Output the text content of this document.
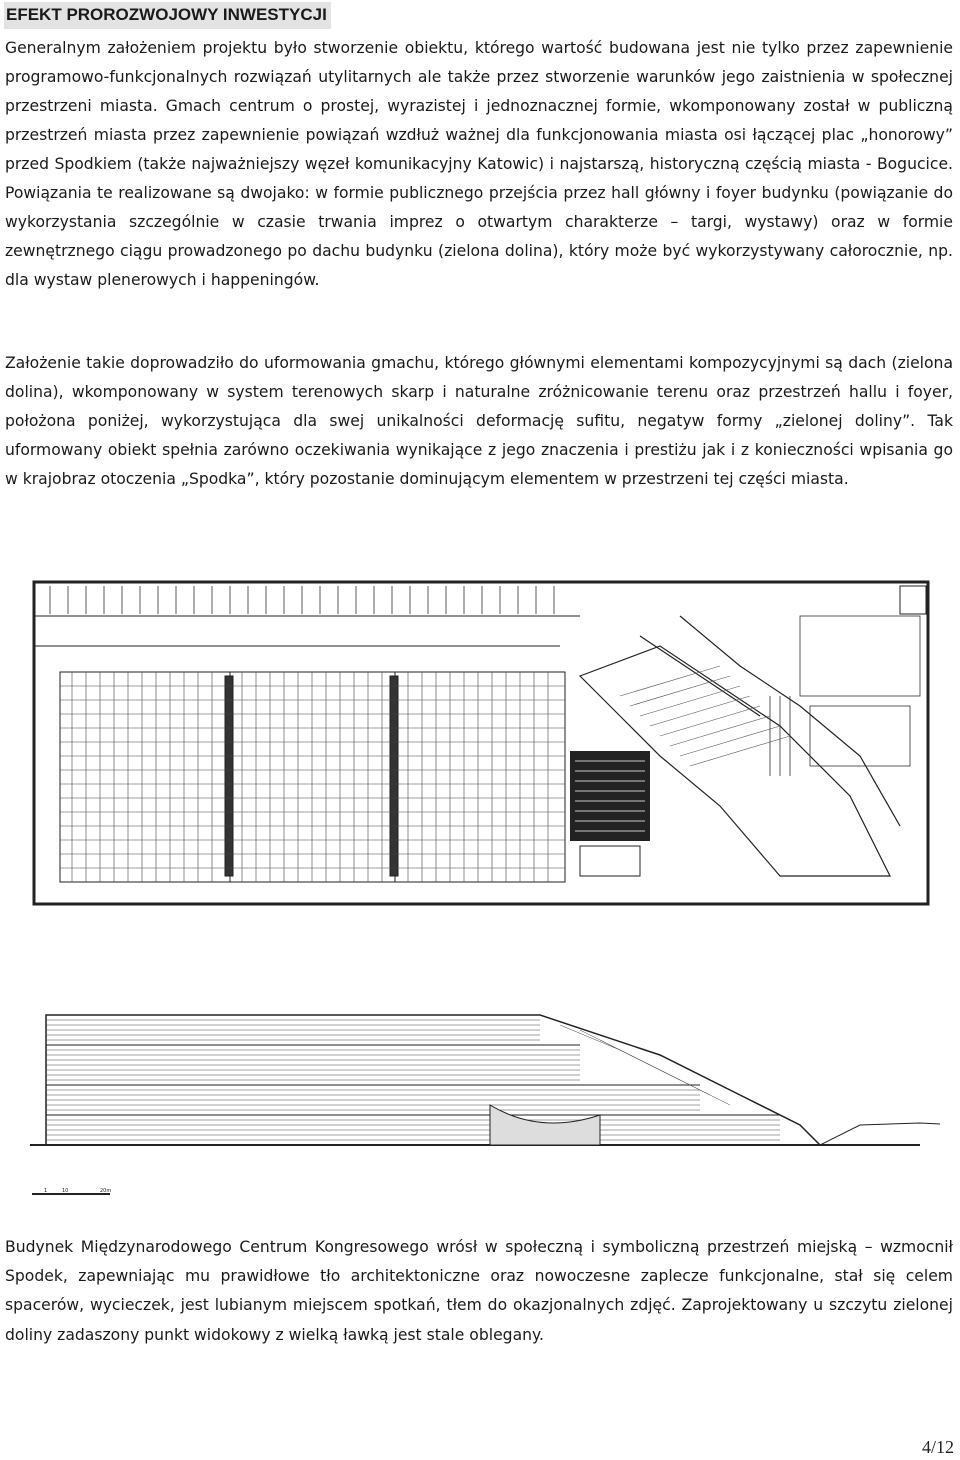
EFEKT PROROZWOJOWY INWESTYCJI

Generalnym założeniem projektu było stworzenie obiektu, którego wartość budowana jest nie tylko przez zapewnienie programowo-funkcjonalnych rozwiązań utylitarnych ale także przez stworzenie warunków jego zaistnienia w społecznej przestrzeni miasta. Gmach centrum o prostej, wyrazistej i jednoznacznej formie, wkomponowany został w publiczną przestrzeń miasta przez zapewnienie powiązań wzdłuż ważnej dla funkcjonowania miasta osi łączącej plac „honorowy” przed Spodkiem (także najważniejszy węzeł komunikacyjny Katowic) i najstarszą, historyczną częścią miasta - Bogucice. Powiązania te realizowane są dwojako: w formie publicznego przejścia przez hall główny i foyer budynku (powiązanie do wykorzystania szczególnie w czasie trwania imprez o otwartym charakterze – targi, wystawy) oraz w formie zewnętrznego ciągu prowadzonego po dachu budynku (zielona dolina), który może być wykorzystywany całorocznie, np. dla wystaw plenerowych i happeningów.

Założenie takie doprowadziło do uformowania gmachu, którego głównymi elementami kompozycyjnymi są dach (zielona dolina), wkomponowany w system terenowych skarp i naturalne zróżnicowanie terenu oraz przestrzeń hallu i foyer, położona poniżej, wykorzystująca dla swej unikalności deformację sufitu, negatyw formy „zielonej doliny”. Tak uformowany obiekt spełnia zarówno oczekiwania wynikające z jego znaczenia i prestiżu jak i z konieczności wpisania go w krajobraz otoczenia „Spodka”, który pozostanie dominującym elementem w przestrzeni tej części miasta.

1	10	20m

Budynek Międzynarodowego Centrum Kongresowego wrósł w społeczną i symboliczną przestrzeń miejską – wzmocnił Spodek, zapewniając mu prawidłowe tło architektoniczne oraz nowoczesne zaplecze funkcjonalne, stał się celem spacerów, wycieczek, jest lubianym miejscem spotkań, tłem do okazjonalnych zdjęć. Zaprojektowany u szczytu zielonej doliny zadaszony punkt widokowy z wielką ławką jest stale oblegany.

4/12
